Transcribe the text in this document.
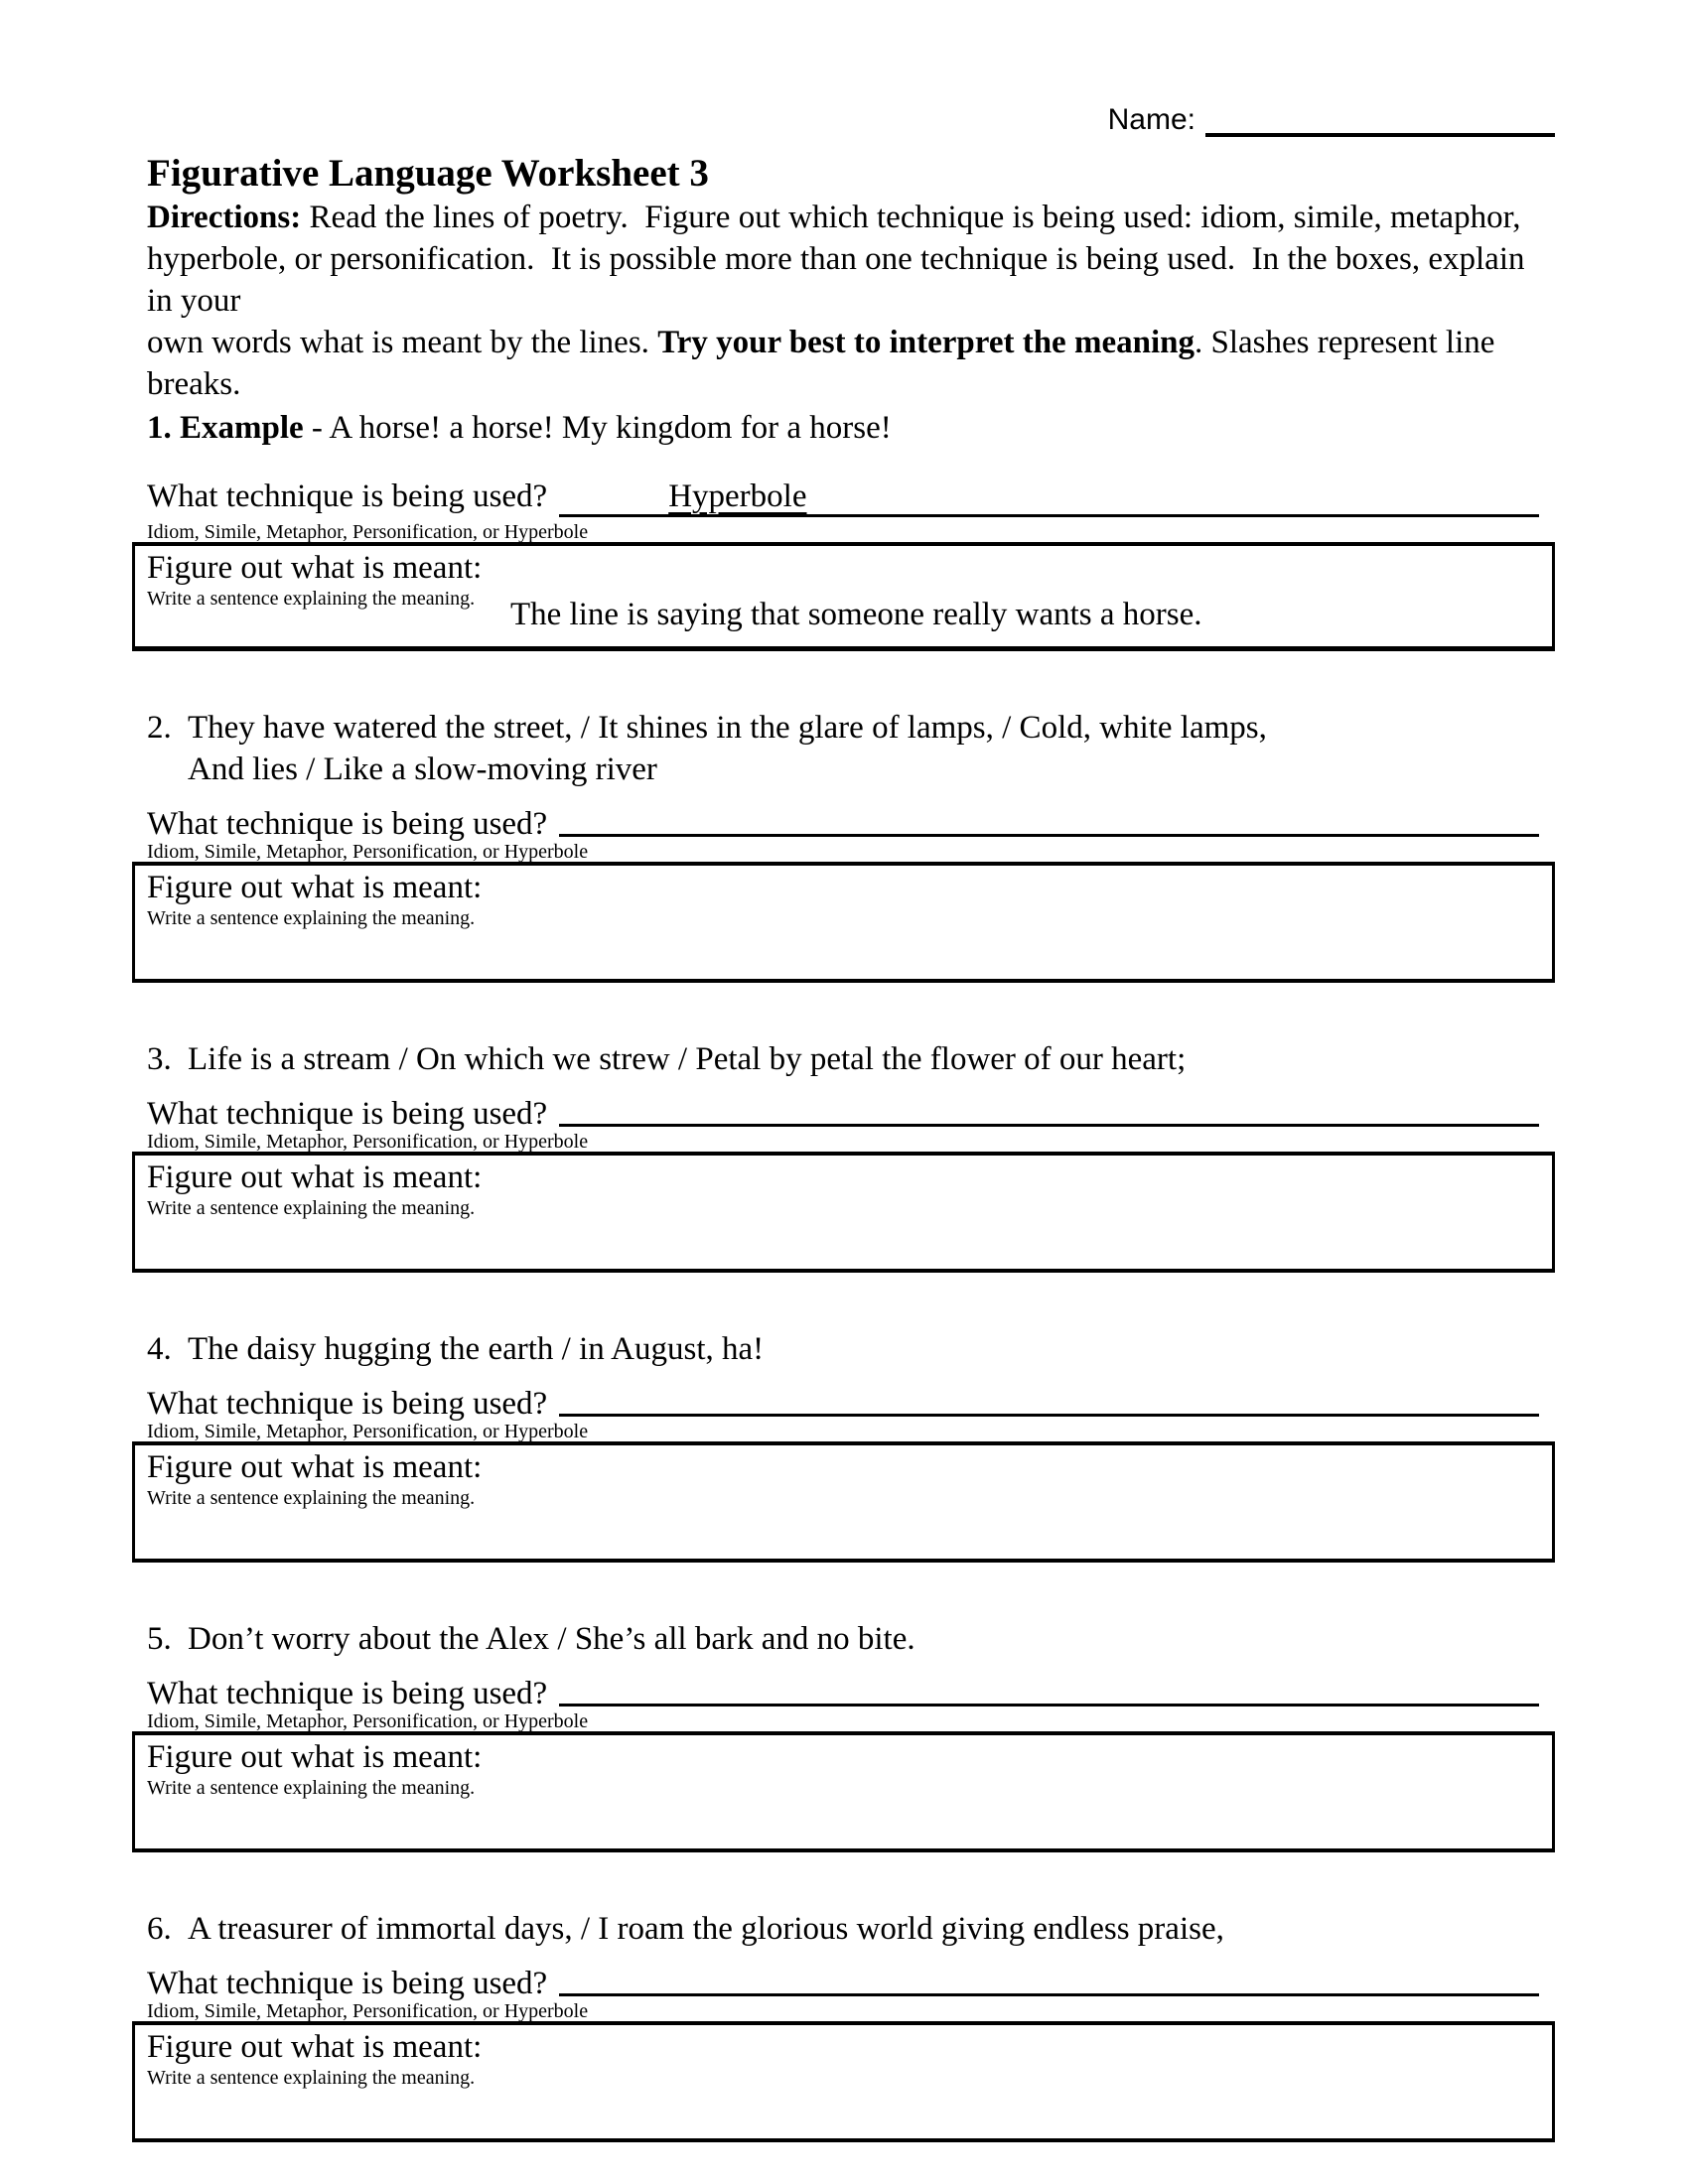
Name:
Figurative Language Worksheet 3
Directions: Read the lines of poetry.  Figure out which technique is being used: idiom, simile, metaphor,
hyperbole, or personification.  It is possible more than one technique is being used.  In the boxes, explain in your
own words what is meant by the lines. Try your best to interpret the meaning. Slashes represent line breaks.
1. Example - A horse! a horse! My kingdom for a horse!
What technique is being used?	Hyperbole
Idiom, Simile, Metaphor, Personification, or Hyperbole
Figure out what is meant:
Write a sentence explaining the meaning.	The line is saying that someone really wants a horse.
2. They have watered the street, / It shines in the glare of lamps, / Cold, white lamps,
And lies / Like a slow-moving river
What technique is being used?
Idiom, Simile, Metaphor, Personification, or Hyperbole
Figure out what is meant:
Write a sentence explaining the meaning.
3. Life is a stream / On which we strew / Petal by petal the flower of our heart;
What technique is being used?
Idiom, Simile, Metaphor, Personification, or Hyperbole
Figure out what is meant:
Write a sentence explaining the meaning.
4. The daisy hugging the earth / in August, ha!
What technique is being used?
Idiom, Simile, Metaphor, Personification, or Hyperbole
Figure out what is meant:
Write a sentence explaining the meaning.
5. Don’t worry about the Alex / She’s all bark and no bite.
What technique is being used?
Idiom, Simile, Metaphor, Personification, or Hyperbole
Figure out what is meant:
Write a sentence explaining the meaning.
6. A treasurer of immortal days, / I roam the glorious world giving endless praise,
What technique is being used?
Idiom, Simile, Metaphor, Personification, or Hyperbole
Figure out what is meant:
Write a sentence explaining the meaning.
